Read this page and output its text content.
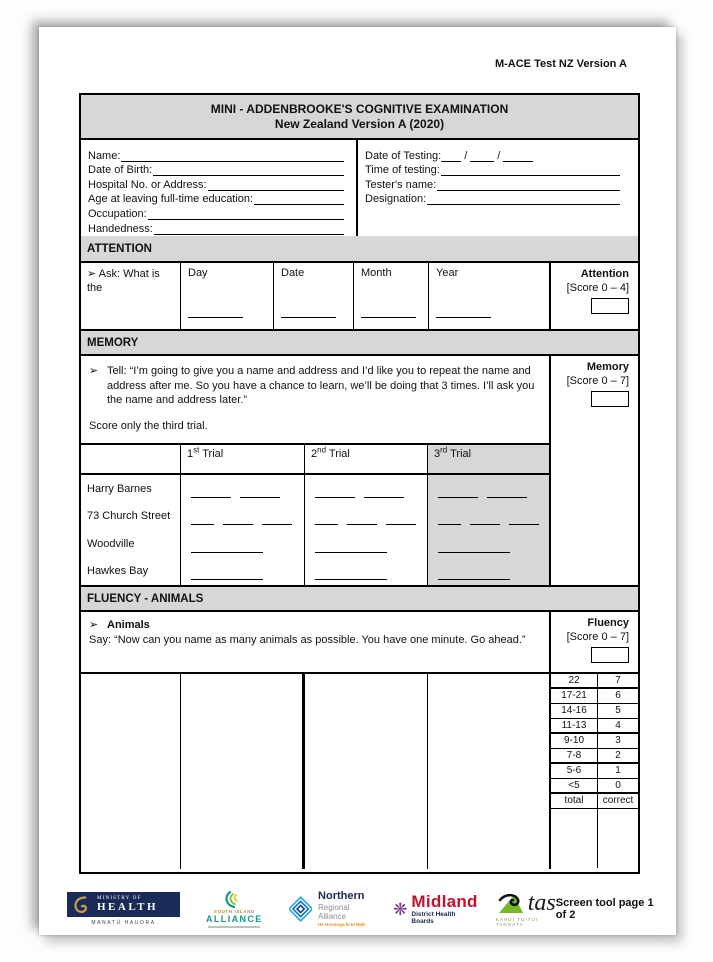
M-ACE Test NZ Version A
MINI - ADDENBROOKE'S COGNITIVE EXAMINATION
New Zealand Version A (2020)
Name:
Date of Birth:
Hospital No. or Address:
Age at leaving full-time education:
Occupation:
Handedness:
Date of Testing: /	/
Time of testing:
Tester's name:
Designation:
ATTENTION
➢ Ask: What is the
Day	Date	Month	Year	Attention
[Score 0 – 4]
MEMORY
➢ Tell: “I’m going to give you a name and address and I’d like you to repeat the name and address after me. So you have a chance to learn, we’ll be doing that 3 times. I’ll ask you the name and address later.”
Score only the third trial.
1st Trial	2nd Trial	3rd Trial
Harry Barnes
73 Church Street
Woodville
Hawkes Bay
Memory
[Score 0 – 7]
FLUENCY - ANIMALS
➢ Animals
Say: “Now can you name as many animals as possible. You have one minute. Go ahead.”
Fluency
[Score 0 – 7]
22	7
17-21	6
14-16	5
11-13	4
9-10	3
7-8	2
5-6	1
<5	0
total	correct
MINISTRY OF
HEALTH
MANATŪ HAUORA
SOUTH ISLAND
ALLIANCE
Northern
Regional Alliance
He Hononga ki te Raki
❋ Midland
District Health Boards
tas
KAHUI TUITUI TANGATA
Screen tool page 1 of 2
